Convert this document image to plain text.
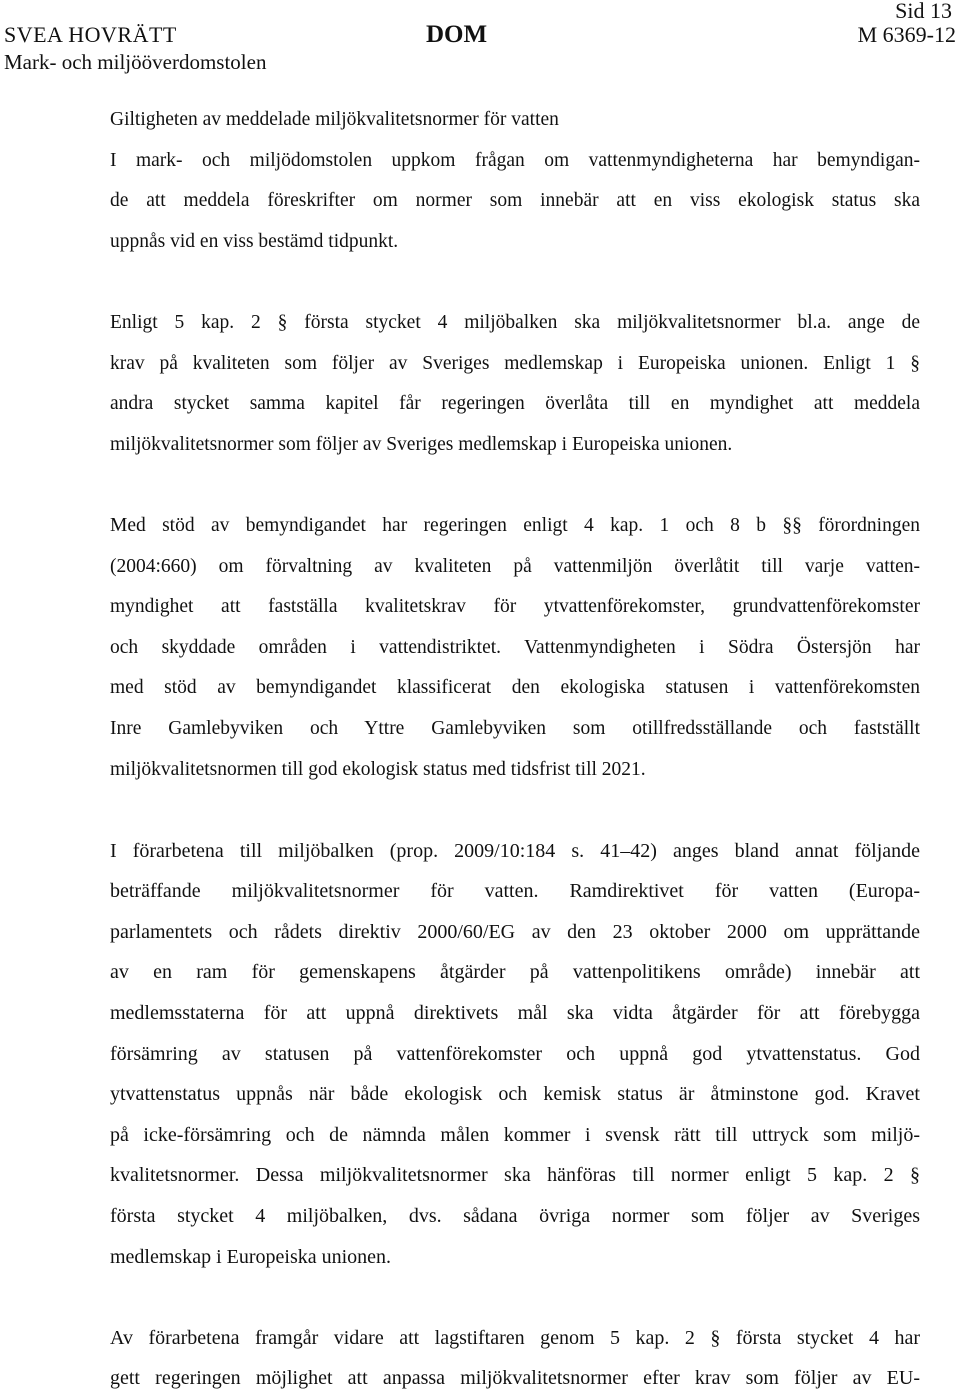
SVEA HOVRÄTT
Mark- och miljööverdomstolen
DOM
Sid 13
M 6369-12
Giltigheten av meddelade miljökvalitetsnormer för vatten
I mark- och miljödomstolen uppkom frågan om vattenmyndigheterna har bemyndigan-
de att meddela föreskrifter om normer som innebär att en viss ekologisk status ska
uppnås vid en viss bestämd tidpunkt.
Enligt 5 kap. 2 § första stycket 4 miljöbalken ska miljökvalitetsnormer bl.a. ange de
krav på kvaliteten som följer av Sveriges medlemskap i Europeiska unionen. Enligt 1 §
andra stycket samma kapitel får regeringen överlåta till en myndighet att meddela
miljökvalitetsnormer som följer av Sveriges medlemskap i Europeiska unionen.
Med stöd av bemyndigandet har regeringen enligt 4 kap. 1 och 8 b §§ förordningen
(2004:660) om förvaltning av kvaliteten på vattenmiljön överlåtit till varje vatten-
myndighet att fastställa kvalitetskrav för ytvattenförekomster, grundvattenförekomster
och skyddade områden i vattendistriktet. Vattenmyndigheten i Södra Östersjön har
med stöd av bemyndigandet klassificerat den ekologiska statusen i vattenförekomsten
Inre Gamlebyviken och Yttre Gamlebyviken som otillfredsställande och fastställt
miljökvalitetsnormen till god ekologisk status med tidsfrist till 2021.
I förarbetena till miljöbalken (prop. 2009/10:184 s. 41–42) anges bland annat följande
beträffande miljökvalitetsnormer för vatten. Ramdirektivet för vatten (Europa-
parlamentets och rådets direktiv 2000/60/EG av den 23 oktober 2000 om upprättande
av en ram för gemenskapens åtgärder på vattenpolitikens område) innebär att
medlemsstaterna för att uppnå direktivets mål ska vidta åtgärder för att förebygga
försämring av statusen på vattenförekomster och uppnå god ytvattenstatus. God
ytvattenstatus uppnås när både ekologisk och kemisk status är åtminstone god. Kravet
på icke-försämring och de nämnda målen kommer i svensk rätt till uttryck som miljö-
kvalitetsnormer. Dessa miljökvalitetsnormer ska hänföras till normer enligt 5 kap. 2 §
första stycket 4 miljöbalken, dvs. sådana övriga normer som följer av Sveriges
medlemskap i Europeiska unionen.
Av förarbetena framgår vidare att lagstiftaren genom 5 kap. 2 § första stycket 4 har
gett regeringen möjlighet att anpassa miljökvalitetsnormer efter krav som följer av EU-
